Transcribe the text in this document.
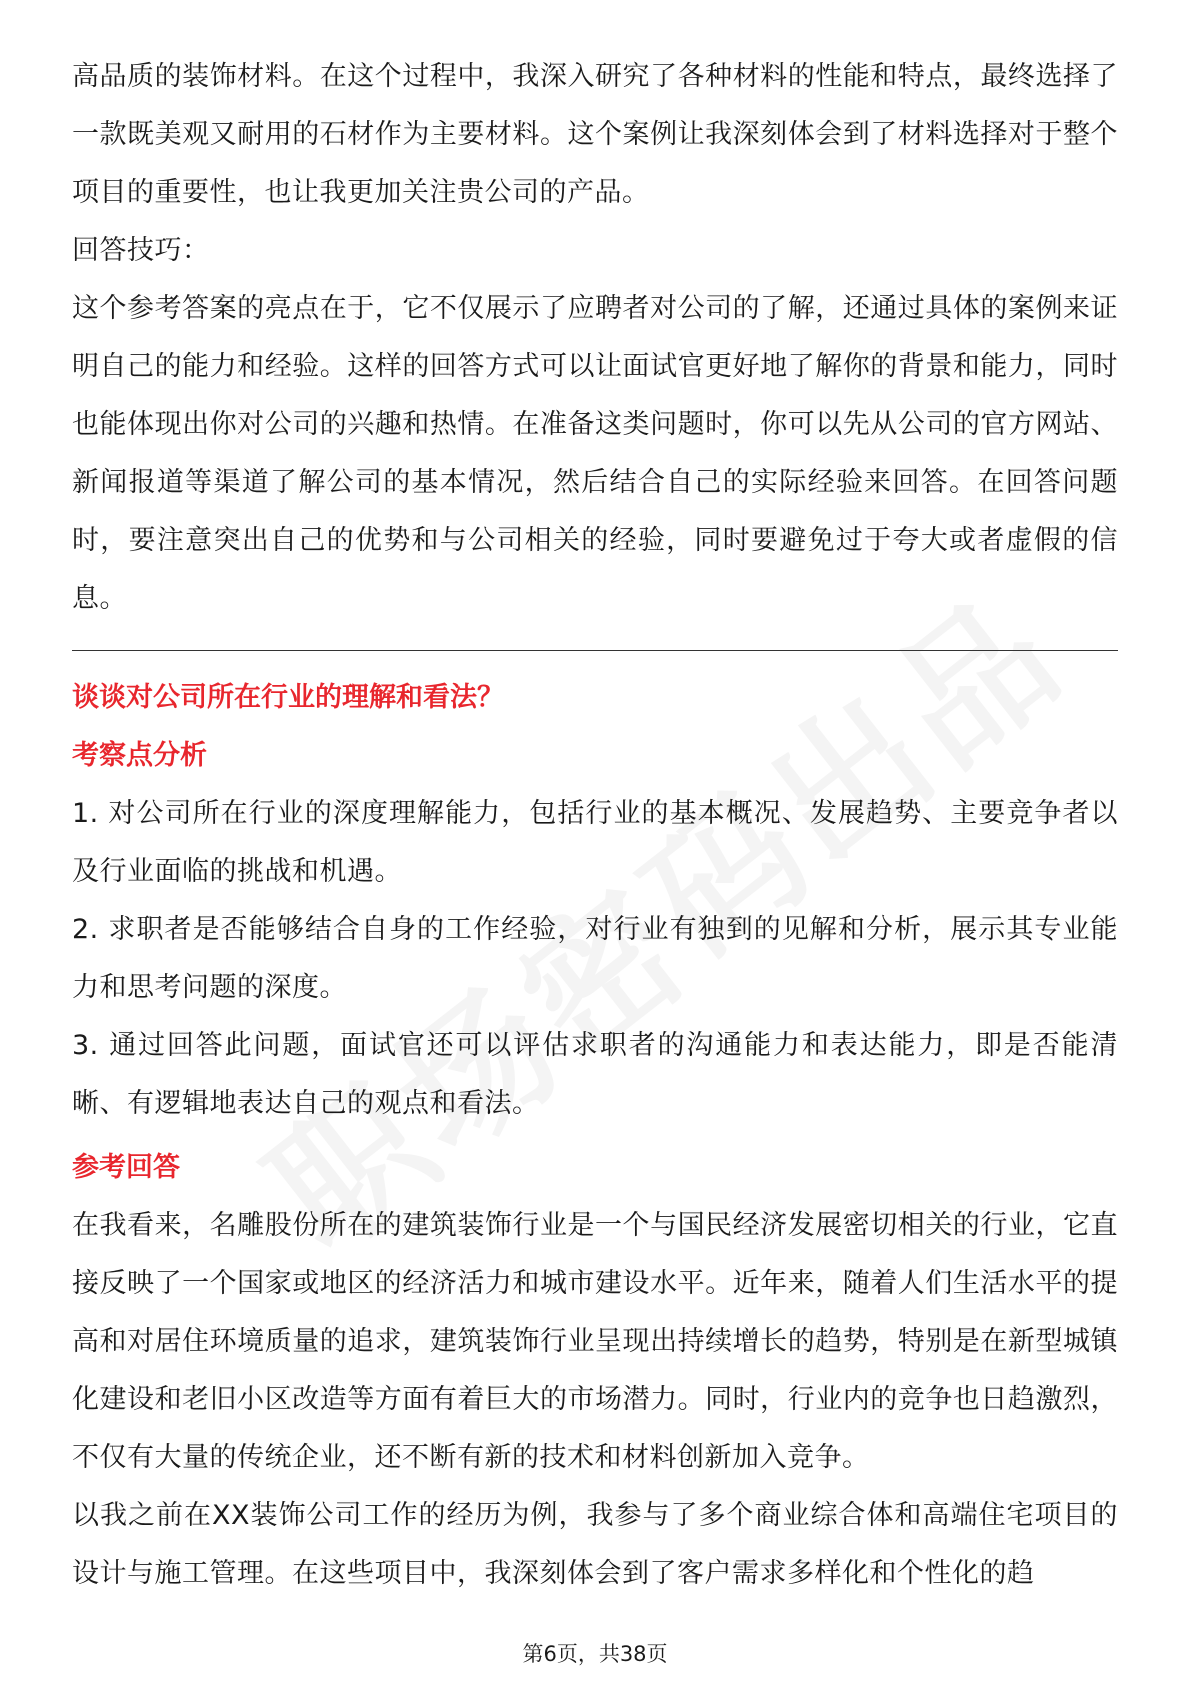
高品质的装饰材料。在这个过程中，我深入研究了各种材料的性能和特点，最终选择了一款既美观又耐用的石材作为主要材料。这个案例让我深刻体会到了材料选择对于整个项目的重要性，也让我更加关注贵公司的产品。

回答技巧：

这个参考答案的亮点在于，它不仅展示了应聘者对公司的了解，还通过具体的案例来证明自己的能力和经验。这样的回答方式可以让面试官更好地了解你的背景和能力，同时也能体现出你对公司的兴趣和热情。在准备这类问题时，你可以先从公司的官方网站、新闻报道等渠道了解公司的基本情况，然后结合自己的实际经验来回答。在回答问题时，要注意突出自己的优势和与公司相关的经验，同时要避免过于夸大或者虚假的信息。

谈谈对公司所在行业的理解和看法？

考察点分析

1. 对公司所在行业的深度理解能力，包括行业的基本概况、发展趋势、主要竞争者以及行业面临的挑战和机遇。

2. 求职者是否能够结合自身的工作经验，对行业有独到的见解和分析，展示其专业能力和思考问题的深度。

3. 通过回答此问题，面试官还可以评估求职者的沟通能力和表达能力，即是否能清晰、有逻辑地表达自己的观点和看法。

参考回答

在我看来，名雕股份所在的建筑装饰行业是一个与国民经济发展密切相关的行业，它直接反映了一个国家或地区的经济活力和城市建设水平。近年来，随着人们生活水平的提高和对居住环境质量的追求，建筑装饰行业呈现出持续增长的趋势，特别是在新型城镇化建设和老旧小区改造等方面有着巨大的市场潜力。同时，行业内的竞争也日趋激烈，不仅有大量的传统企业，还不断有新的技术和材料创新加入竞争。

以我之前在XX装饰公司工作的经历为例，我参与了多个商业综合体和高端住宅项目的设计与施工管理。在这些项目中，我深刻体会到了客户需求多样化和个性化的趋

第6页，共38页
